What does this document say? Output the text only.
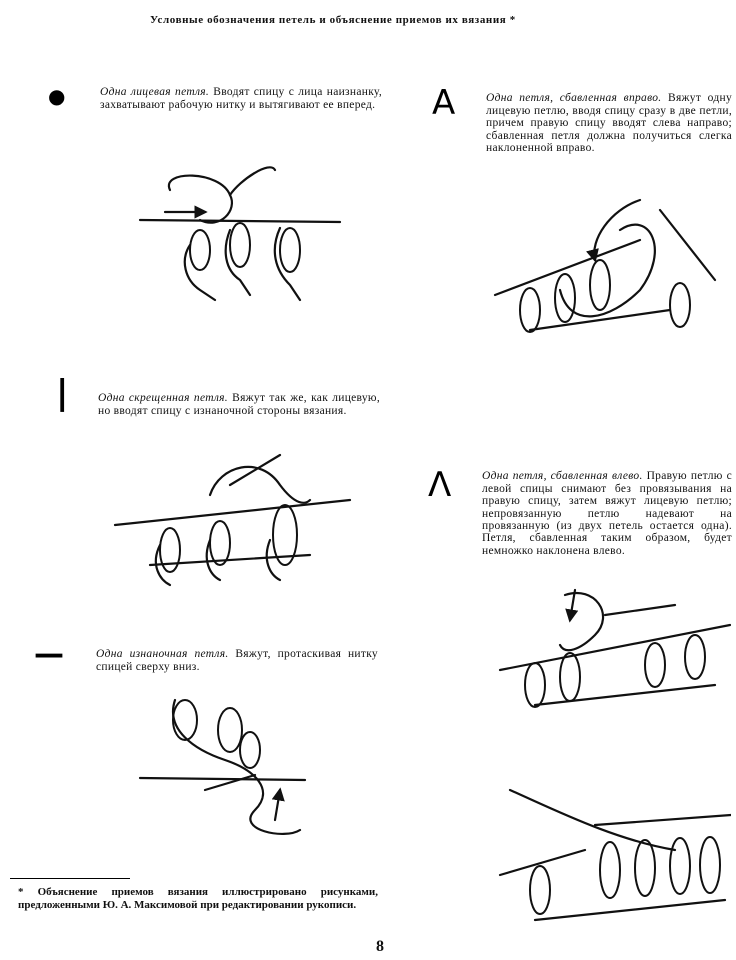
Условные обозначения петель и объяснение приемов их вязания *
●	Одна лицевая петля. Вводят спицу с лица наизнанку, захватывают рабочую нитку и вытягивают ее вперед.

|	Одна скрещенная петля. Вяжут так же, как лицевую, но вводят спицу с изнаночной стороны вязания.

—	Одна изнаночная петля. Вяжут, протаскивая нитку спицей сверху вниз.

A	Одна петля, сбавленная вправо. Вяжут одну лицевую петлю, вводя спицу сразу в две петли, причем правую спицу вводят слева направо; сбавленная петля должна получиться слегка наклоненной вправо.

Λ	Одна петля, сбавленная влево. Правую петлю с левой спицы снимают без провязывания на правую спицу, затем вяжут лицевую петлю; непровязанную петлю надевают на провязанную (из двух петель остается одна). Петля, сбавленная таким образом, будет немножко наклонена влево.

* Объяснение приемов вязания иллюстрировано рисунками, предложенными Ю. А. Максимовой при редактировании рукописи.
8
